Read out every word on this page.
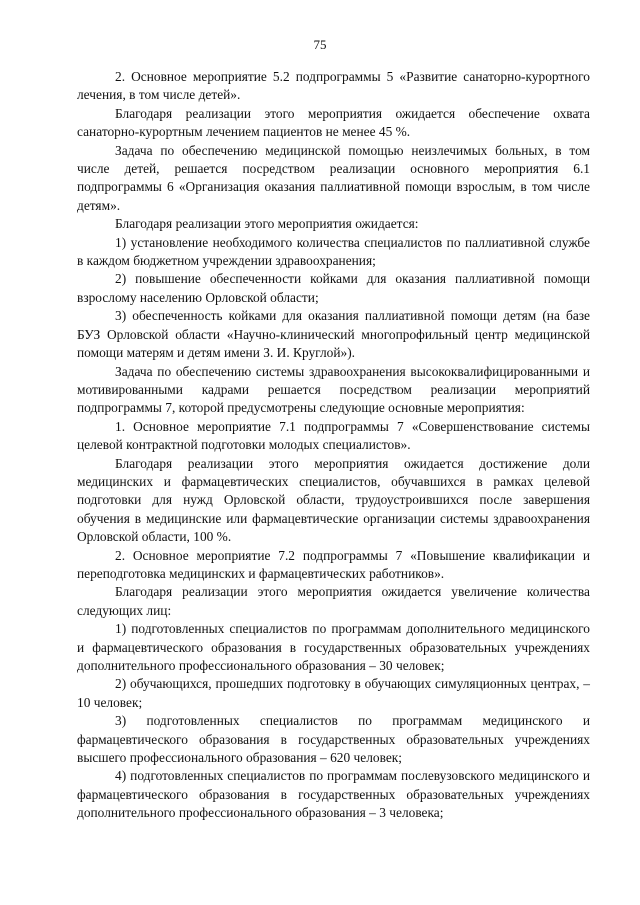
75

2. Основное мероприятие 5.2 подпрограммы 5 «Развитие санаторно-курортного лечения, в том числе детей».

Благодаря реализации этого мероприятия ожидается обеспечение охвата санаторно-курортным лечением пациентов не менее 45 %.

Задача по обеспечению медицинской помощью неизлечимых больных, в том числе детей, решается посредством реализации основного мероприятия 6.1 подпрограммы 6 «Организация оказания паллиативной помощи взрослым, в том числе детям».

Благодаря реализации этого мероприятия ожидается:

1) установление необходимого количества специалистов по паллиативной службе в каждом бюджетном учреждении здравоохранения;

2) повышение обеспеченности койками для оказания паллиативной помощи взрослому населению Орловской области;

3) обеспеченность койками для оказания паллиативной помощи детям (на базе БУЗ Орловской области «Научно-клинический многопрофильный центр медицинской помощи матерям и детям имени З. И. Круглой»).

Задача по обеспечению системы здравоохранения высококвалифицированными и мотивированными кадрами решается посредством реализации мероприятий подпрограммы 7, которой предусмотрены следующие основные мероприятия:

1. Основное мероприятие 7.1 подпрограммы 7 «Совершенствование системы целевой контрактной подготовки молодых специалистов».

Благодаря реализации этого мероприятия ожидается достижение доли медицинских и фармацевтических специалистов, обучавшихся в рамках целевой подготовки для нужд Орловской области, трудоустроившихся после завершения обучения в медицинские или фармацевтические организации системы здравоохранения Орловской области, 100 %.

2. Основное мероприятие 7.2 подпрограммы 7 «Повышение квалификации и переподготовка медицинских и фармацевтических работников».

Благодаря реализации этого мероприятия ожидается увеличение количества следующих лиц:

1) подготовленных специалистов по программам дополнительного медицинского и фармацевтического образования в государственных образовательных учреждениях дополнительного профессионального образования – 30 человек;

2) обучающихся, прошедших подготовку в обучающих симуляционных центрах, – 10 человек;

3) подготовленных специалистов по программам медицинского и фармацевтического образования в государственных образовательных учреждениях высшего профессионального образования – 620 человек;

4) подготовленных специалистов по программам послевузовского медицинского и фармацевтического образования в государственных образовательных учреждениях дополнительного профессионального образования – 3 человека;
